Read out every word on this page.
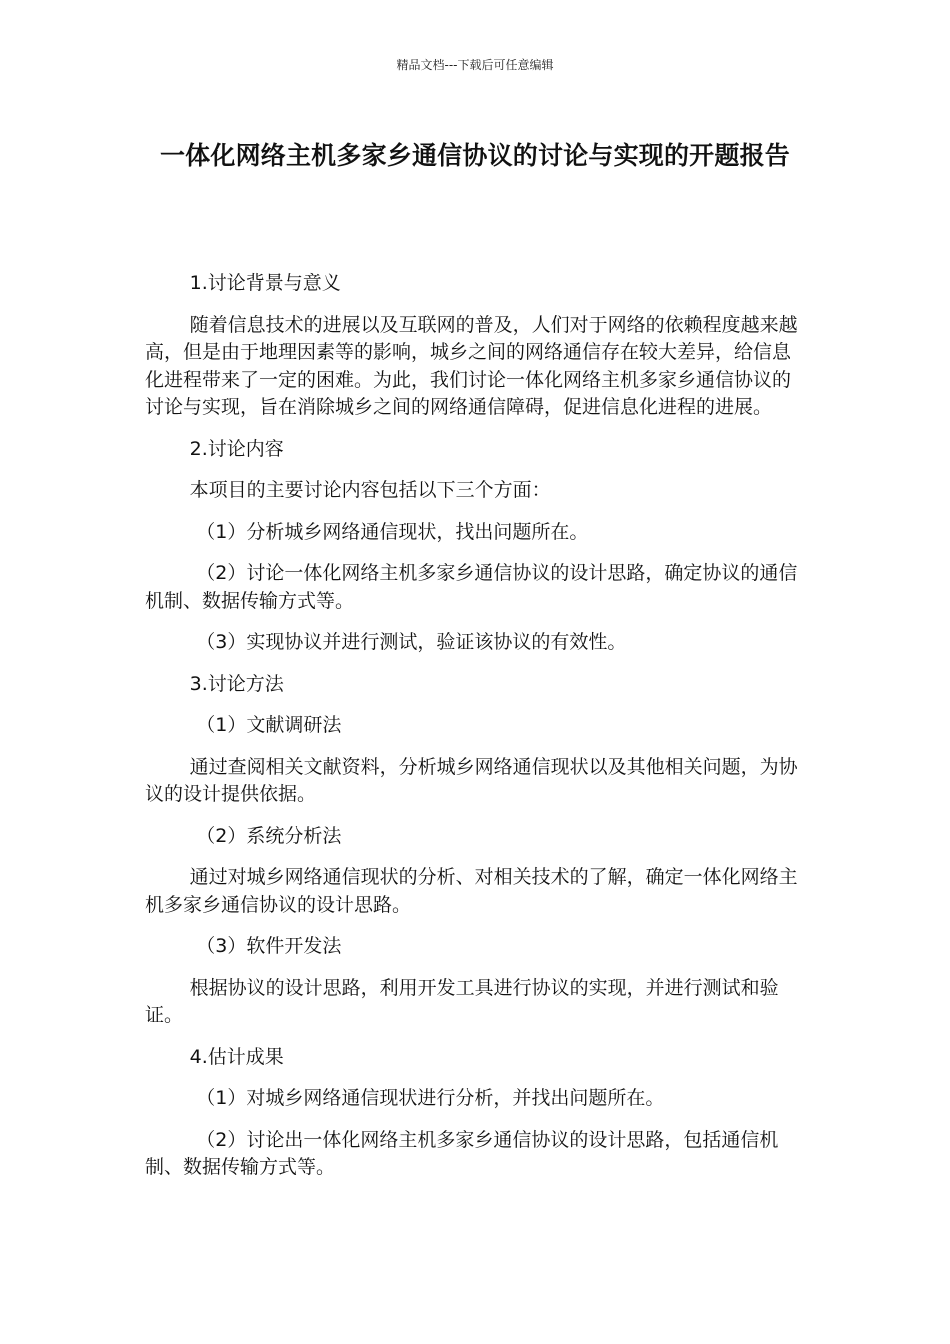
精品文档---下载后可任意编辑
一体化网络主机多家乡通信协议的讨论与实现的开题报告

1.讨论背景与意义

随着信息技术的进展以及互联网的普及，人们对于网络的依赖程度越来越高，但是由于地理因素等的影响，城乡之间的网络通信存在较大差异，给信息化进程带来了一定的困难。为此，我们讨论一体化网络主机多家乡通信协议的讨论与实现，旨在消除城乡之间的网络通信障碍，促进信息化进程的进展。

2.讨论内容

本项目的主要讨论内容包括以下三个方面：

（1）分析城乡网络通信现状，找出问题所在。

（2）讨论一体化网络主机多家乡通信协议的设计思路，确定协议的通信机制、数据传输方式等。

（3）实现协议并进行测试，验证该协议的有效性。

3.讨论方法

（1）文献调研法

通过查阅相关文献资料，分析城乡网络通信现状以及其他相关问题，为协议的设计提供依据。

（2）系统分析法

通过对城乡网络通信现状的分析、对相关技术的了解，确定一体化网络主机多家乡通信协议的设计思路。

（3）软件开发法

根据协议的设计思路，利用开发工具进行协议的实现，并进行测试和验证。

4.估计成果

（1）对城乡网络通信现状进行分析，并找出问题所在。

（2）讨论出一体化网络主机多家乡通信协议的设计思路，包括通信机制、数据传输方式等。
